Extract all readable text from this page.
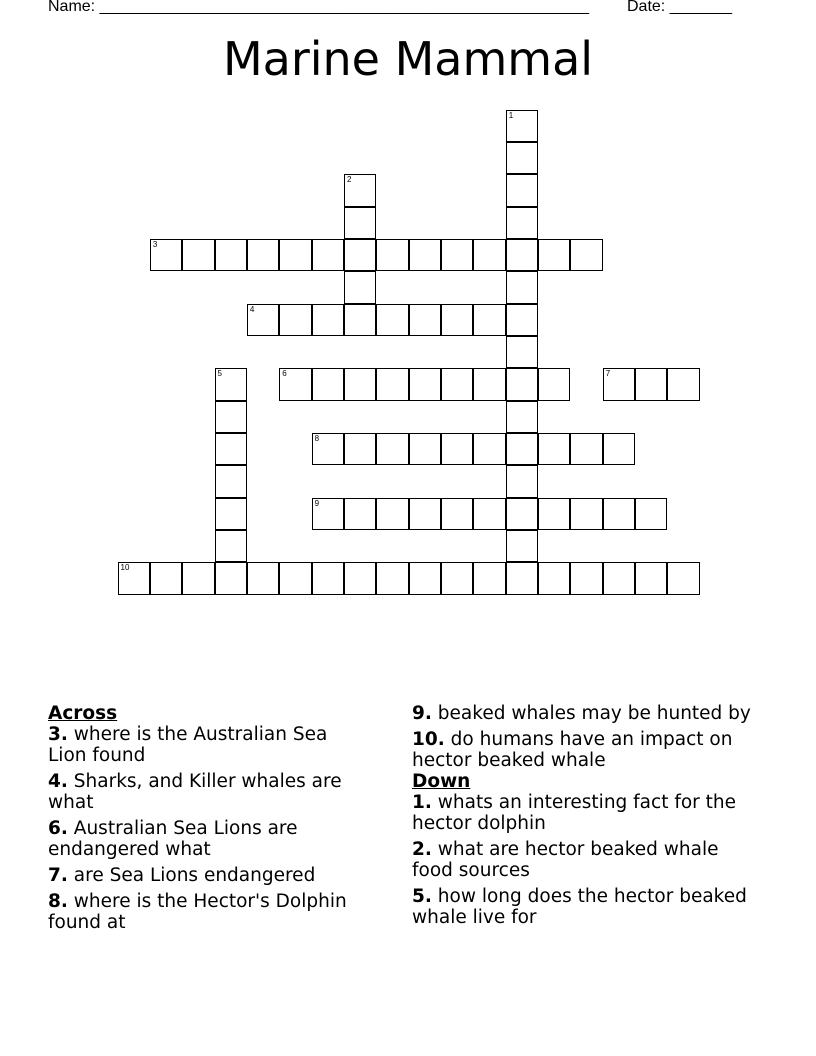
Name: _______________________________________________________ Date: _______
Marine Mammal
1
2
3
4
5	6	7
8
9
10

Across

3. where is the Australian Sea Lion found

4. Sharks, and Killer whales are what

6. Australian Sea Lions are endangered what

7. are Sea Lions endangered

8. where is the Hector's Dolphin found at

9. beaked whales may be hunted by

10. do humans have an impact on hector beaked whale

Down

1. whats an interesting fact for the hector dolphin

2. what are hector beaked whale food sources

5. how long does the hector beaked whale live for
